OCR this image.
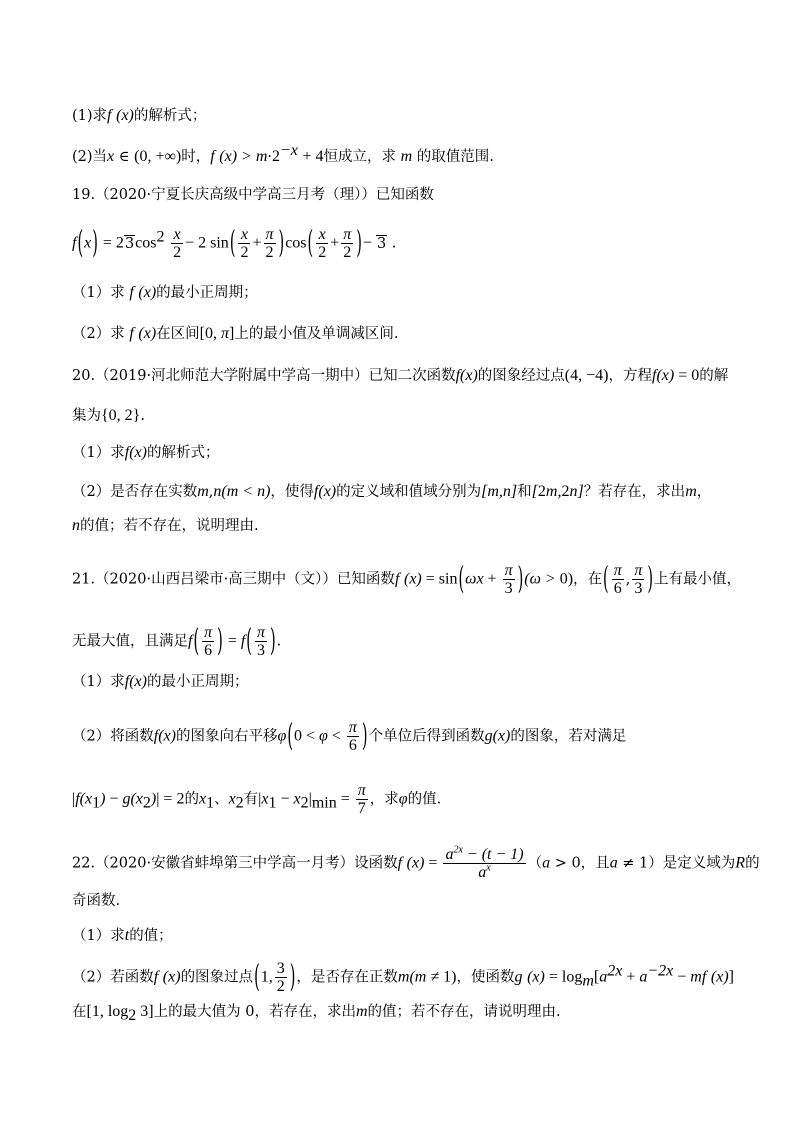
(1)求f (x)的解析式；
(2)当x ∈ (0, +∞)时，f $(x) > m\cdot 2^{-x} + 4$恒成立，求 m 的取值范围.
19.（2020·宁夏长庆高级中学高三月考（理））已知函数
$f(x) = 23\cos^2 \frac{x}{2} - 2$ $\sin( \frac{x}{2} + \frac{\pi}{2} )\cos( \frac{x}{2} + \frac{\pi}{2}$ )− 3 .
（1）求 f (x)的最小正周期；
（2）求 f (x)在区间[0, π]上的最小值及单调减区间.
20.（2019·河北师范大学附属中学高一期中）已知二次函数f(x)的图象经过点(4, −4)，方程f(x) = 0的解
集为{0, 2}.
（1）求f(x)的解析式；
（2）是否存在实数m,n(m < n)，使得f(x)的定义域和值域分别为[m,n]和[2m,2n]？若存在，求出m，
n的值；若不存在，说明理由.
21.（2020·山西吕梁市·高三期中（文））已知函数f $(x) = \sin(\omega x + \frac{\pi}{3} )(\omega > 0)$，在( $\frac{\pi}{6}$ , $\frac{\pi}{3}$ )上有最小值，
无最大值，且满足$f( \frac{\pi}{6}$ ) = $f( \frac{\pi}{3}$ ).
（1）求f(x)的最小正周期；
（2）将函数f(x)的图象向右平移$\varphi(0 < \varphi < \frac{\pi}{6}$ )个单位后得到函数g(x)的图象，若对满足
$|f(x_1) - g(x_2)| = 2$的$x_1$、$x_2$有$|x_1 - x_2|_{min} = \frac{\pi}{7}$ ，求φ的值.
22.（2020·安徽省蚌埠第三中学高一月考）设函数f $(x) = \frac{a^{2x} - (t - 1)}{a^x} (a > 0$，且a ≠ 1）是定义域为R的
奇函数.
（1）求t的值；
（2）若函数f (x)的图象过点(1, $\frac{3}{2}$ )，是否存在正数m(m ≠ 1)，使函数g $(x) = \log_m[a^{2x} + a^{-2x}$ − mf (x)]
在[1, $\log_2 3$]上的最大值为 0，若存在，求出m的值；若不存在，请说明理由.
